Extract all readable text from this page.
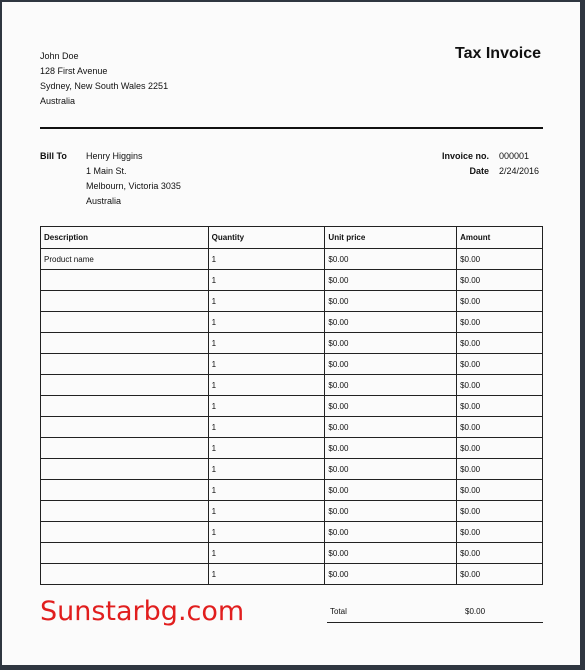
John Doe
128 First Avenue
Sydney, New South Wales 2251
Australia
Tax Invoice
Bill To Henry Higgins
1 Main St.
Melbourn, Victoria 3035
Australia
Invoice no. 000001
Date 2/24/2016
Description	Quantity	Unit price	Amount
Product name	1	$0.00	$0.00
	1	$0.00	$0.00
	1	$0.00	$0.00
	1	$0.00	$0.00
	1	$0.00	$0.00
	1	$0.00	$0.00
	1	$0.00	$0.00
	1	$0.00	$0.00
	1	$0.00	$0.00
	1	$0.00	$0.00
	1	$0.00	$0.00
	1	$0.00	$0.00
	1	$0.00	$0.00
	1	$0.00	$0.00
	1	$0.00	$0.00
	1	$0.00	$0.00
Total	$0.00
Sunstarbg.com
